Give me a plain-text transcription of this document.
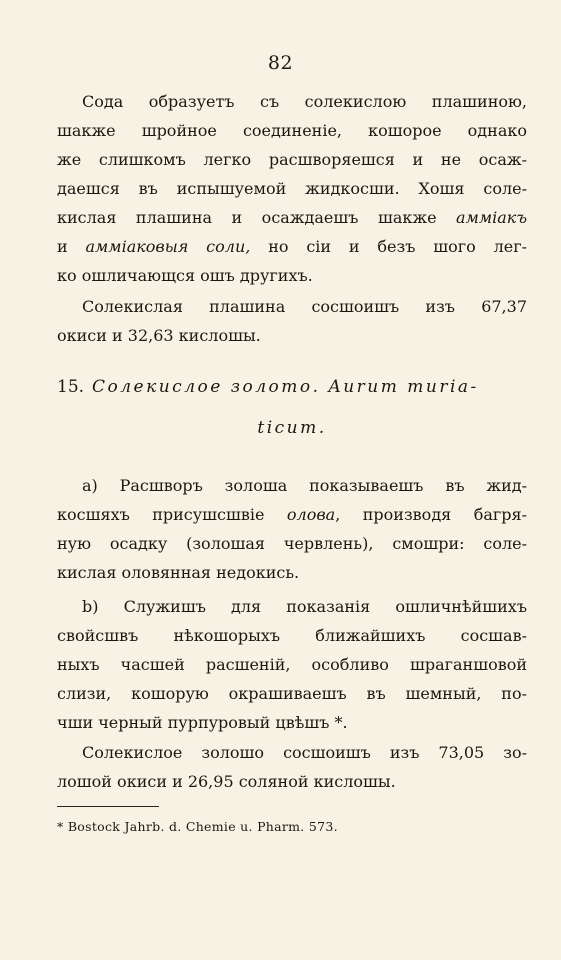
82
Сода образуетъ съ солекислою плашиною,
шакже шройное соединенiе, кошорое однако
же слишкомъ легко расшворяешся и не осаж-
даешся въ испышуемой жидкосши. Хошя соле-
кислая плашина и осаждаешъ шакже аммiакъ
и аммiаковыя соли, но сiи и безъ шого лег-
ко ошличающся ошъ другихъ.
Солекислая плашина сосшоишъ изъ 67,37
окиси и 32,63 кислошы.
15. Солекислое золото. Aurum muria-
ticum.
a) Расшворъ золоша показываешъ въ жид-
косшяхъ присушсшвiе олова, производя багря-
ную осадку (золошая червлень), смошри: соле-
кислая оловянная недокись.
b) Служишъ для показанiя ошличнѣйшихъ
свойсшвъ нѣкошорыхъ ближайшихъ сосшав-
ныхъ часшей расшенiй, особливо шраганшовой
слизи, кошорую окрашиваешъ въ шемный, по-
чши черный пурпуровый цвѣшъ *.
Солекислое золошо сосшоишъ изъ 73,05 зо-
лошой окиси и 26,95 соляной кислошы.
* Bostock Jahrb. d. Chemie u. Pharm. 573.
